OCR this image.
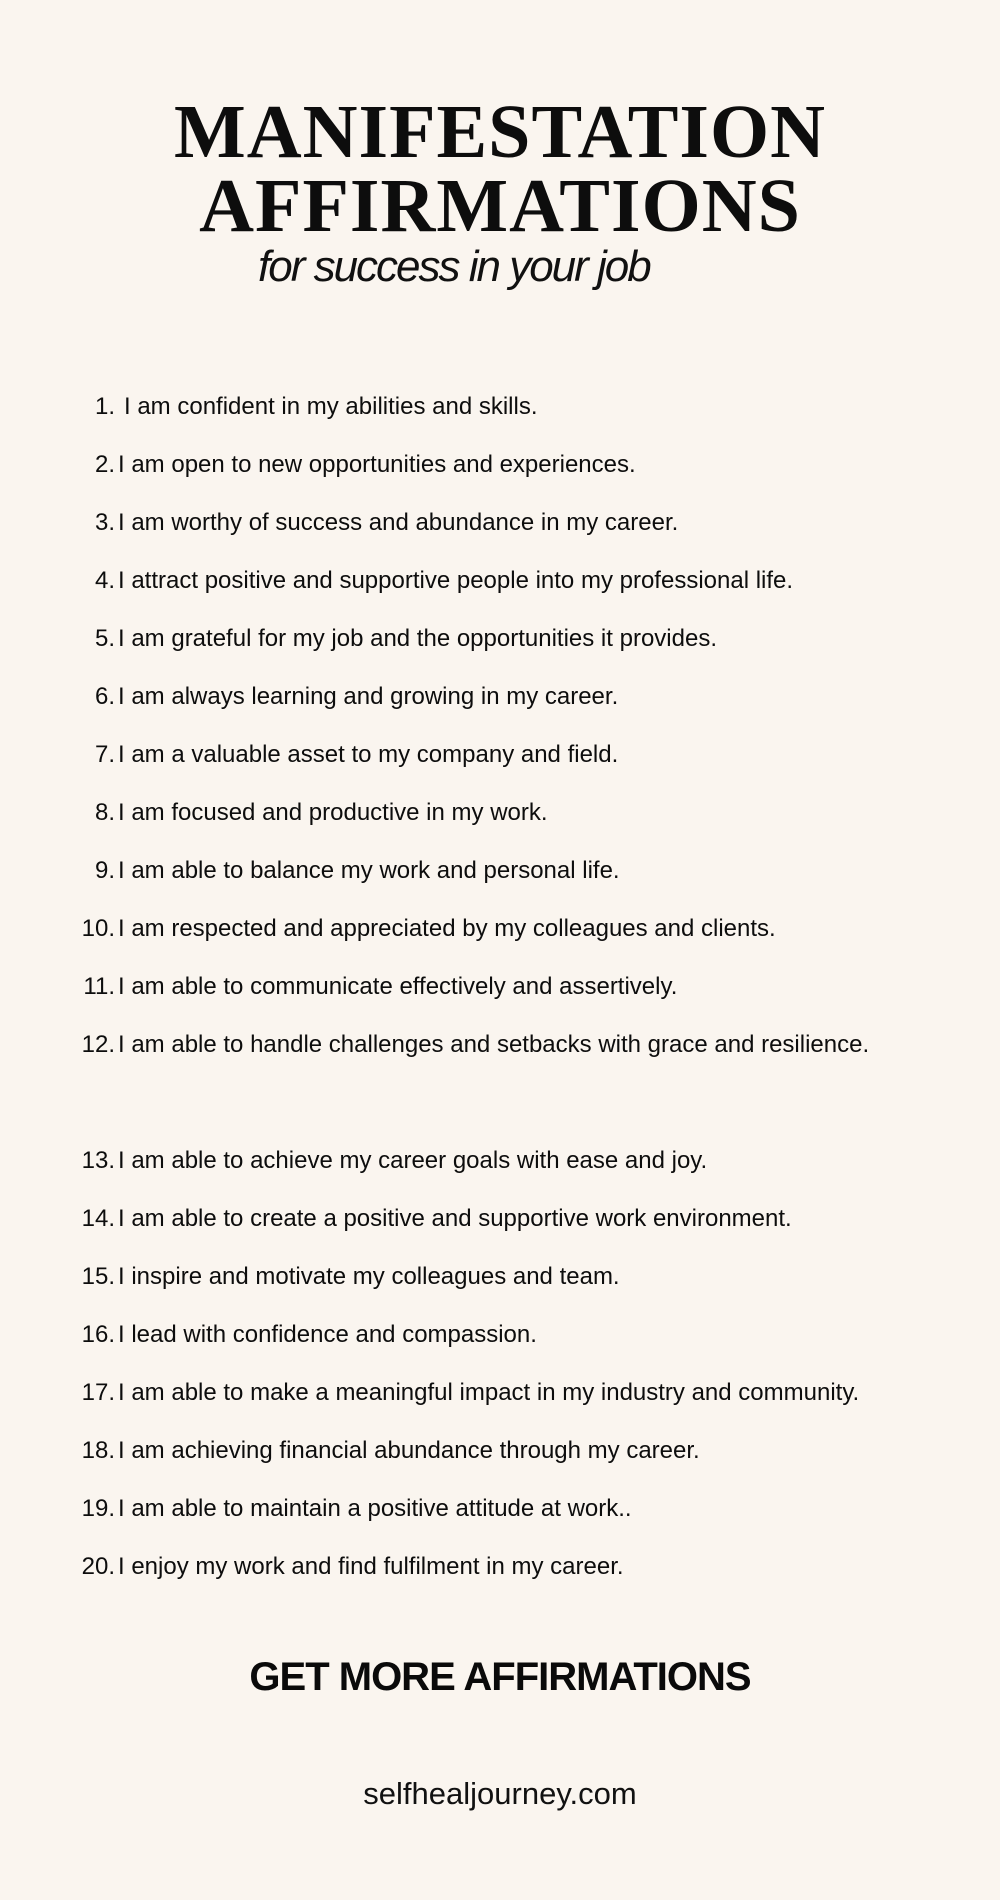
MANIFESTATION
AFFIRMATIONS
for success in your job
1. I am confident in my abilities and skills.
2. I am open to new opportunities and experiences.
3. I am worthy of success and abundance in my career.
4. I attract positive and supportive people into my professional life.
5. I am grateful for my job and the opportunities it provides.
6. I am always learning and growing in my career.
7. I am a valuable asset to my company and field.
8. I am focused and productive in my work.
9. I am able to balance my work and personal life.
10. I am respected and appreciated by my colleagues and clients.
11. I am able to communicate effectively and assertively.
12. I am able to handle challenges and setbacks with grace and resilience.
13. I am able to achieve my career goals with ease and joy.
14. I am able to create a positive and supportive work environment.
15. I inspire and motivate my colleagues and team.
16. I lead with confidence and compassion.
17. I am able to make a meaningful impact in my industry and community.
18. I am achieving financial abundance through my career.
19. I am able to maintain a positive attitude at work..
20. I enjoy my work and find fulfilment in my career.
GET MORE AFFIRMATIONS
selfhealjourney.com
